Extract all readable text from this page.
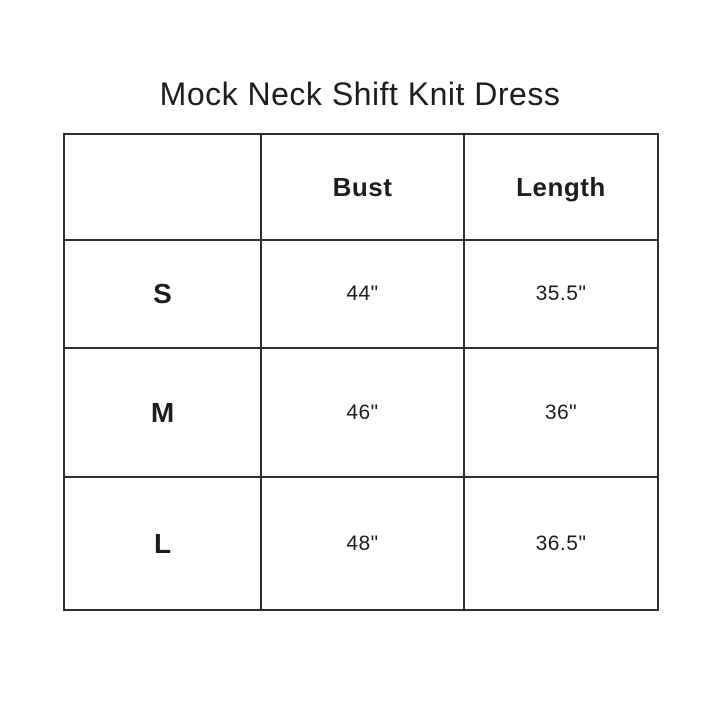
Mock Neck Shift Knit Dress
	Bust	Length
S	44"	35.5"
M	46"	36"
L	48"	36.5"
